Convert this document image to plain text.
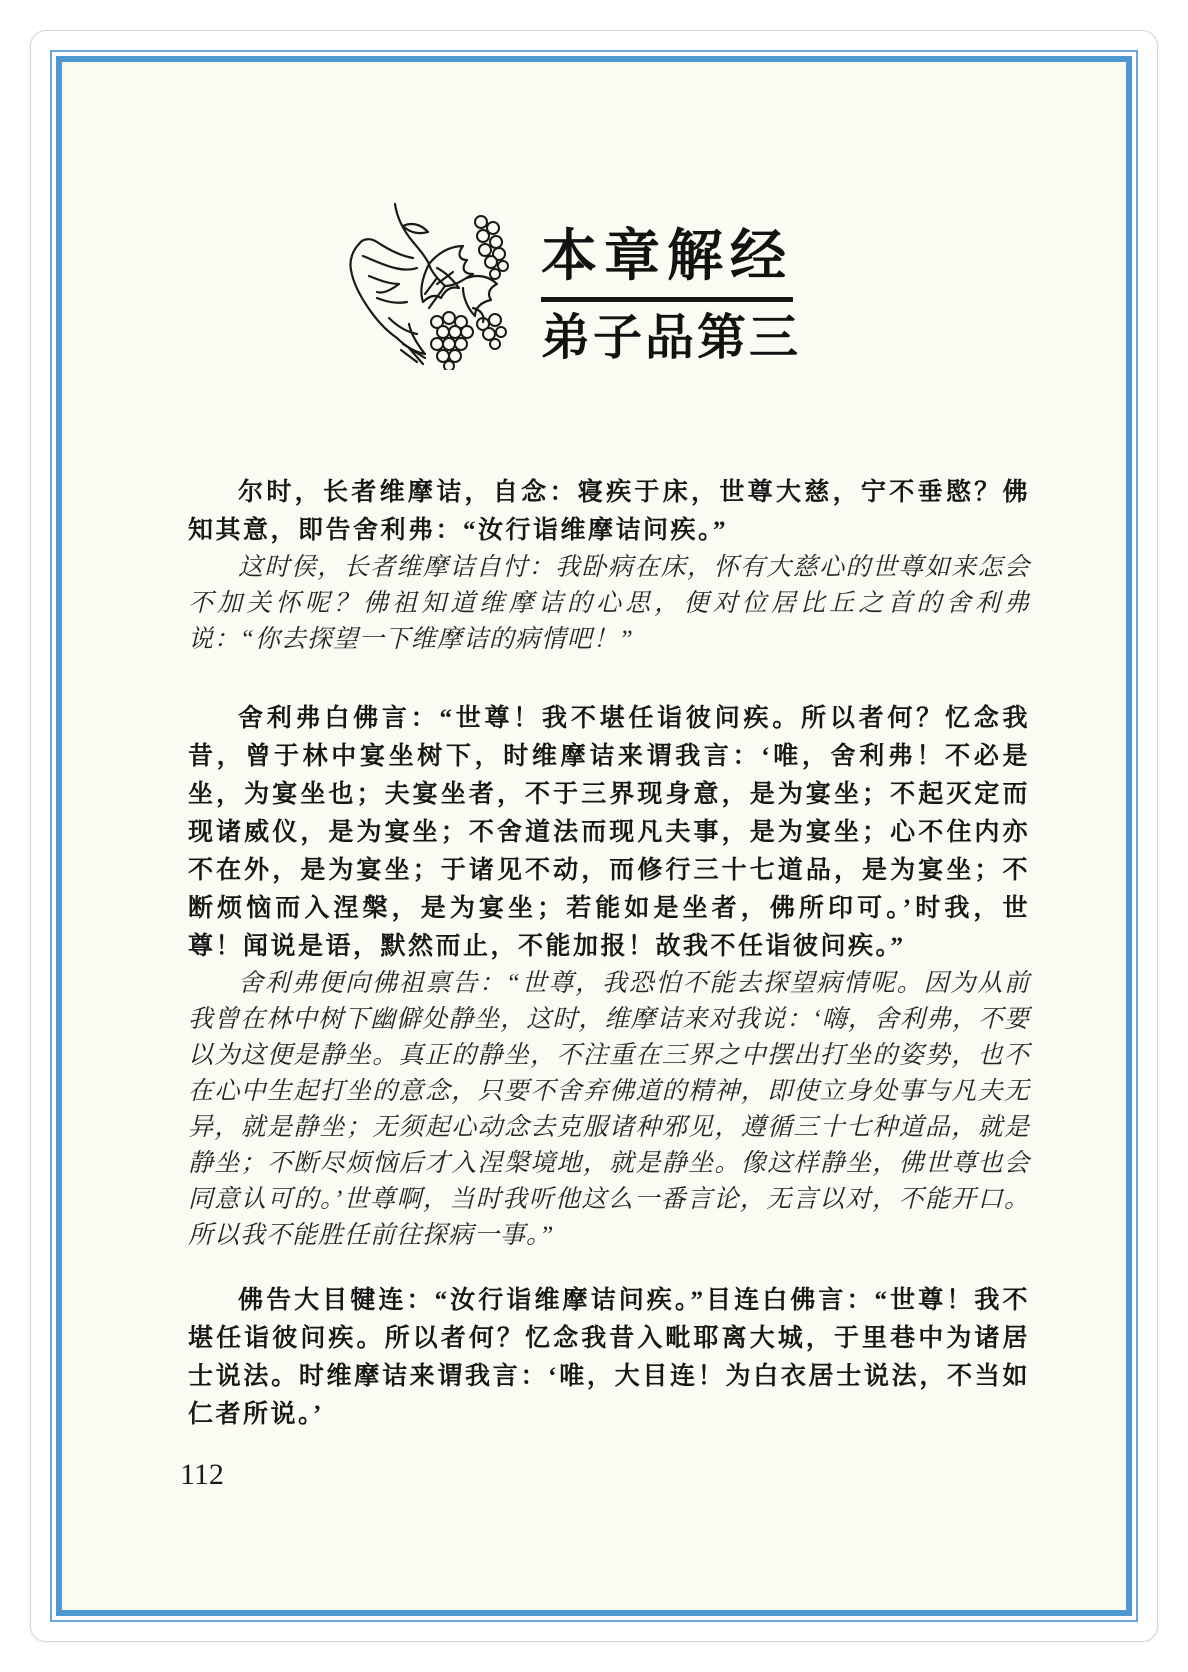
本章解经
弟子品第三

尔时，长者维摩诘，自念：寝疾于床，世尊大慈，宁不垂愍？佛知其意，即告舍利弗：“汝行诣维摩诘问疾。”

这时侯，长者维摩诘自忖：我卧病在床，怀有大慈心的世尊如来怎会不加关怀呢？佛祖知道维摩诘的心思，便对位居比丘之首的舍利弗说：“你去探望一下维摩诘的病情吧！”

舍利弗白佛言：“世尊！我不堪任诣彼问疾。所以者何？忆念我昔，曾于林中宴坐树下，时维摩诘来谓我言：‘唯，舍利弗！不必是坐，为宴坐也；夫宴坐者，不于三界现身意，是为宴坐；不起灭定而现诸威仪，是为宴坐；不舍道法而现凡夫事，是为宴坐；心不住内亦不在外，是为宴坐；于诸见不动，而修行三十七道品，是为宴坐；不断烦恼而入涅槃，是为宴坐；若能如是坐者，佛所印可。’时我，世尊！闻说是语，默然而止，不能加报！故我不任诣彼问疾。”

舍利弗便向佛祖禀告：“世尊，我恐怕不能去探望病情呢。因为从前我曾在林中树下幽僻处静坐，这时，维摩诘来对我说：‘嗨，舍利弗，不要以为这便是静坐。真正的静坐，不注重在三界之中摆出打坐的姿势，也不在心中生起打坐的意念，只要不舍弃佛道的精神，即使立身处事与凡夫无异，就是静坐；无须起心动念去克服诸种邪见，遵循三十七种道品，就是静坐；不断尽烦恼后才入涅槃境地，就是静坐。像这样静坐，佛世尊也会同意认可的。’世尊啊，当时我听他这么一番言论，无言以对，不能开口。所以我不能胜任前往探病一事。”

佛告大目犍连：“汝行诣维摩诘问疾。”目连白佛言：“世尊！我不堪任诣彼问疾。所以者何？忆念我昔入毗耶离大城，于里巷中为诸居士说法。时维摩诘来谓我言：‘唯，大目连！为白衣居士说法，不当如仁者所说。’

112
